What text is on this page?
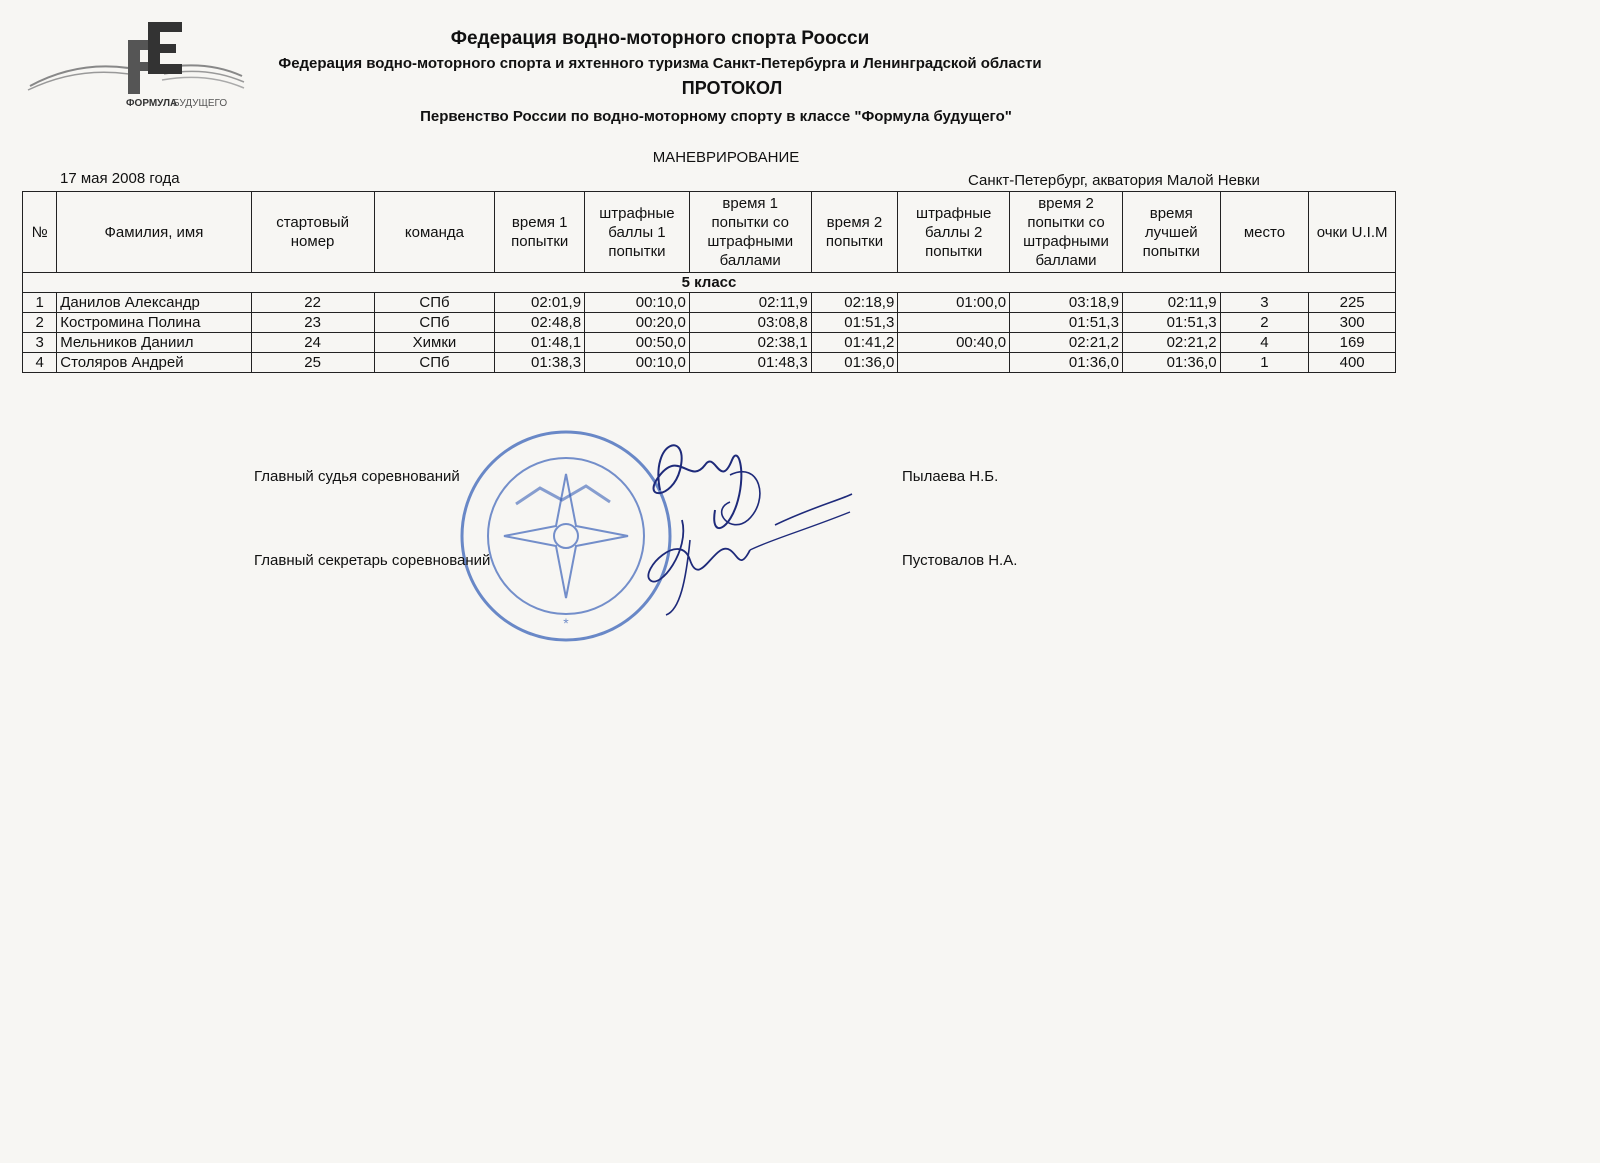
ФОРМУЛА
БУДУЩЕГО
Федерация водно-моторного спорта Роосси
Федерация водно-моторного спорта и яхтенного туризма Санкт-Петербурга и Ленинградской области
ПРОТОКОЛ
Первенство России по водно-моторному спорту в классе "Формула будущего"
МАНЕВРИРОВАНИЕ
17 мая 2008 года	Санкт-Петербург, акватория Малой Невки
№	Фамилия, имя	стартовый номер	команда	время 1 попытки	штрафные баллы 1 попытки	время 1 попытки со штрафными баллами	время 2 попытки	штрафные баллы 2 попытки	время 2 попытки со штрафными баллами	время лучшей попытки	место	очки U.I.M
5 класс												
1	Данилов Александр	22	СПб	02:01,9	00:10,0	02:11,9	02:18,9	01:00,0	03:18,9	02:11,9	3	225
2	Костромина Полина	23	СПб	02:48,8	00:20,0	03:08,8	01:51,3		01:51,3	01:51,3	2	300
3	Мельников Даниил	24	Химки	01:48,1	00:50,0	02:38,1	01:41,2	00:40,0	02:21,2	02:21,2	4	169
4	Столяров Андрей	25	СПб	01:38,3	00:10,0	01:48,3	01:36,0		01:36,0	01:36,0	1	400
*
Главный судья соревнований	Пылаева Н.Б.
Главный секретарь соревнований	Пустовалов Н.А.
